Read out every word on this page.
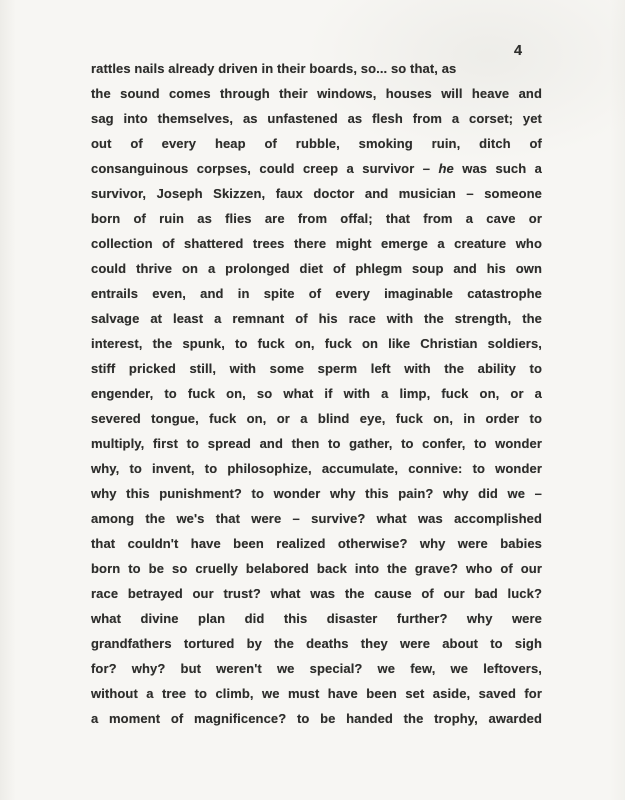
4
rattles nails already driven in their boards, so... so that, as
the sound comes through their windows, houses will heave and
sag into themselves, as unfastened as flesh from a corset; yet
out of every heap of rubble, smoking ruin, ditch of
consanguinous corpses, could creep a survivor – he was such a
survivor, Joseph Skizzen, faux doctor and musician – someone
born of ruin as flies are from offal; that from a cave or
collection of shattered trees there might emerge a creature who
could thrive on a prolonged diet of phlegm soup and his own
entrails even, and in spite of every imaginable catastrophe
salvage at least a remnant of his race with the strength, the
interest, the spunk, to fuck on, fuck on like Christian soldiers,
stiff pricked still, with some sperm left with the ability to
engender, to fuck on, so what if with a limp, fuck on, or a
severed tongue, fuck on, or a blind eye, fuck on, in order to
multiply, first to spread and then to gather, to confer, to wonder
why, to invent, to philosophize, accumulate, connive: to wonder
why this punishment? to wonder why this pain? why did we –
among the we's that were – survive? what was accomplished
that couldn't have been realized otherwise? why were babies
born to be so cruelly belabored back into the grave? who of our
race betrayed our trust? what was the cause of our bad luck?
what divine plan did this disaster further? why were
grandfathers tortured by the deaths they were about to sigh
for? why? but weren't we special? we few, we leftovers,
without a tree to climb, we must have been set aside, saved for
a moment of magnificence? to be handed the trophy, awarded
